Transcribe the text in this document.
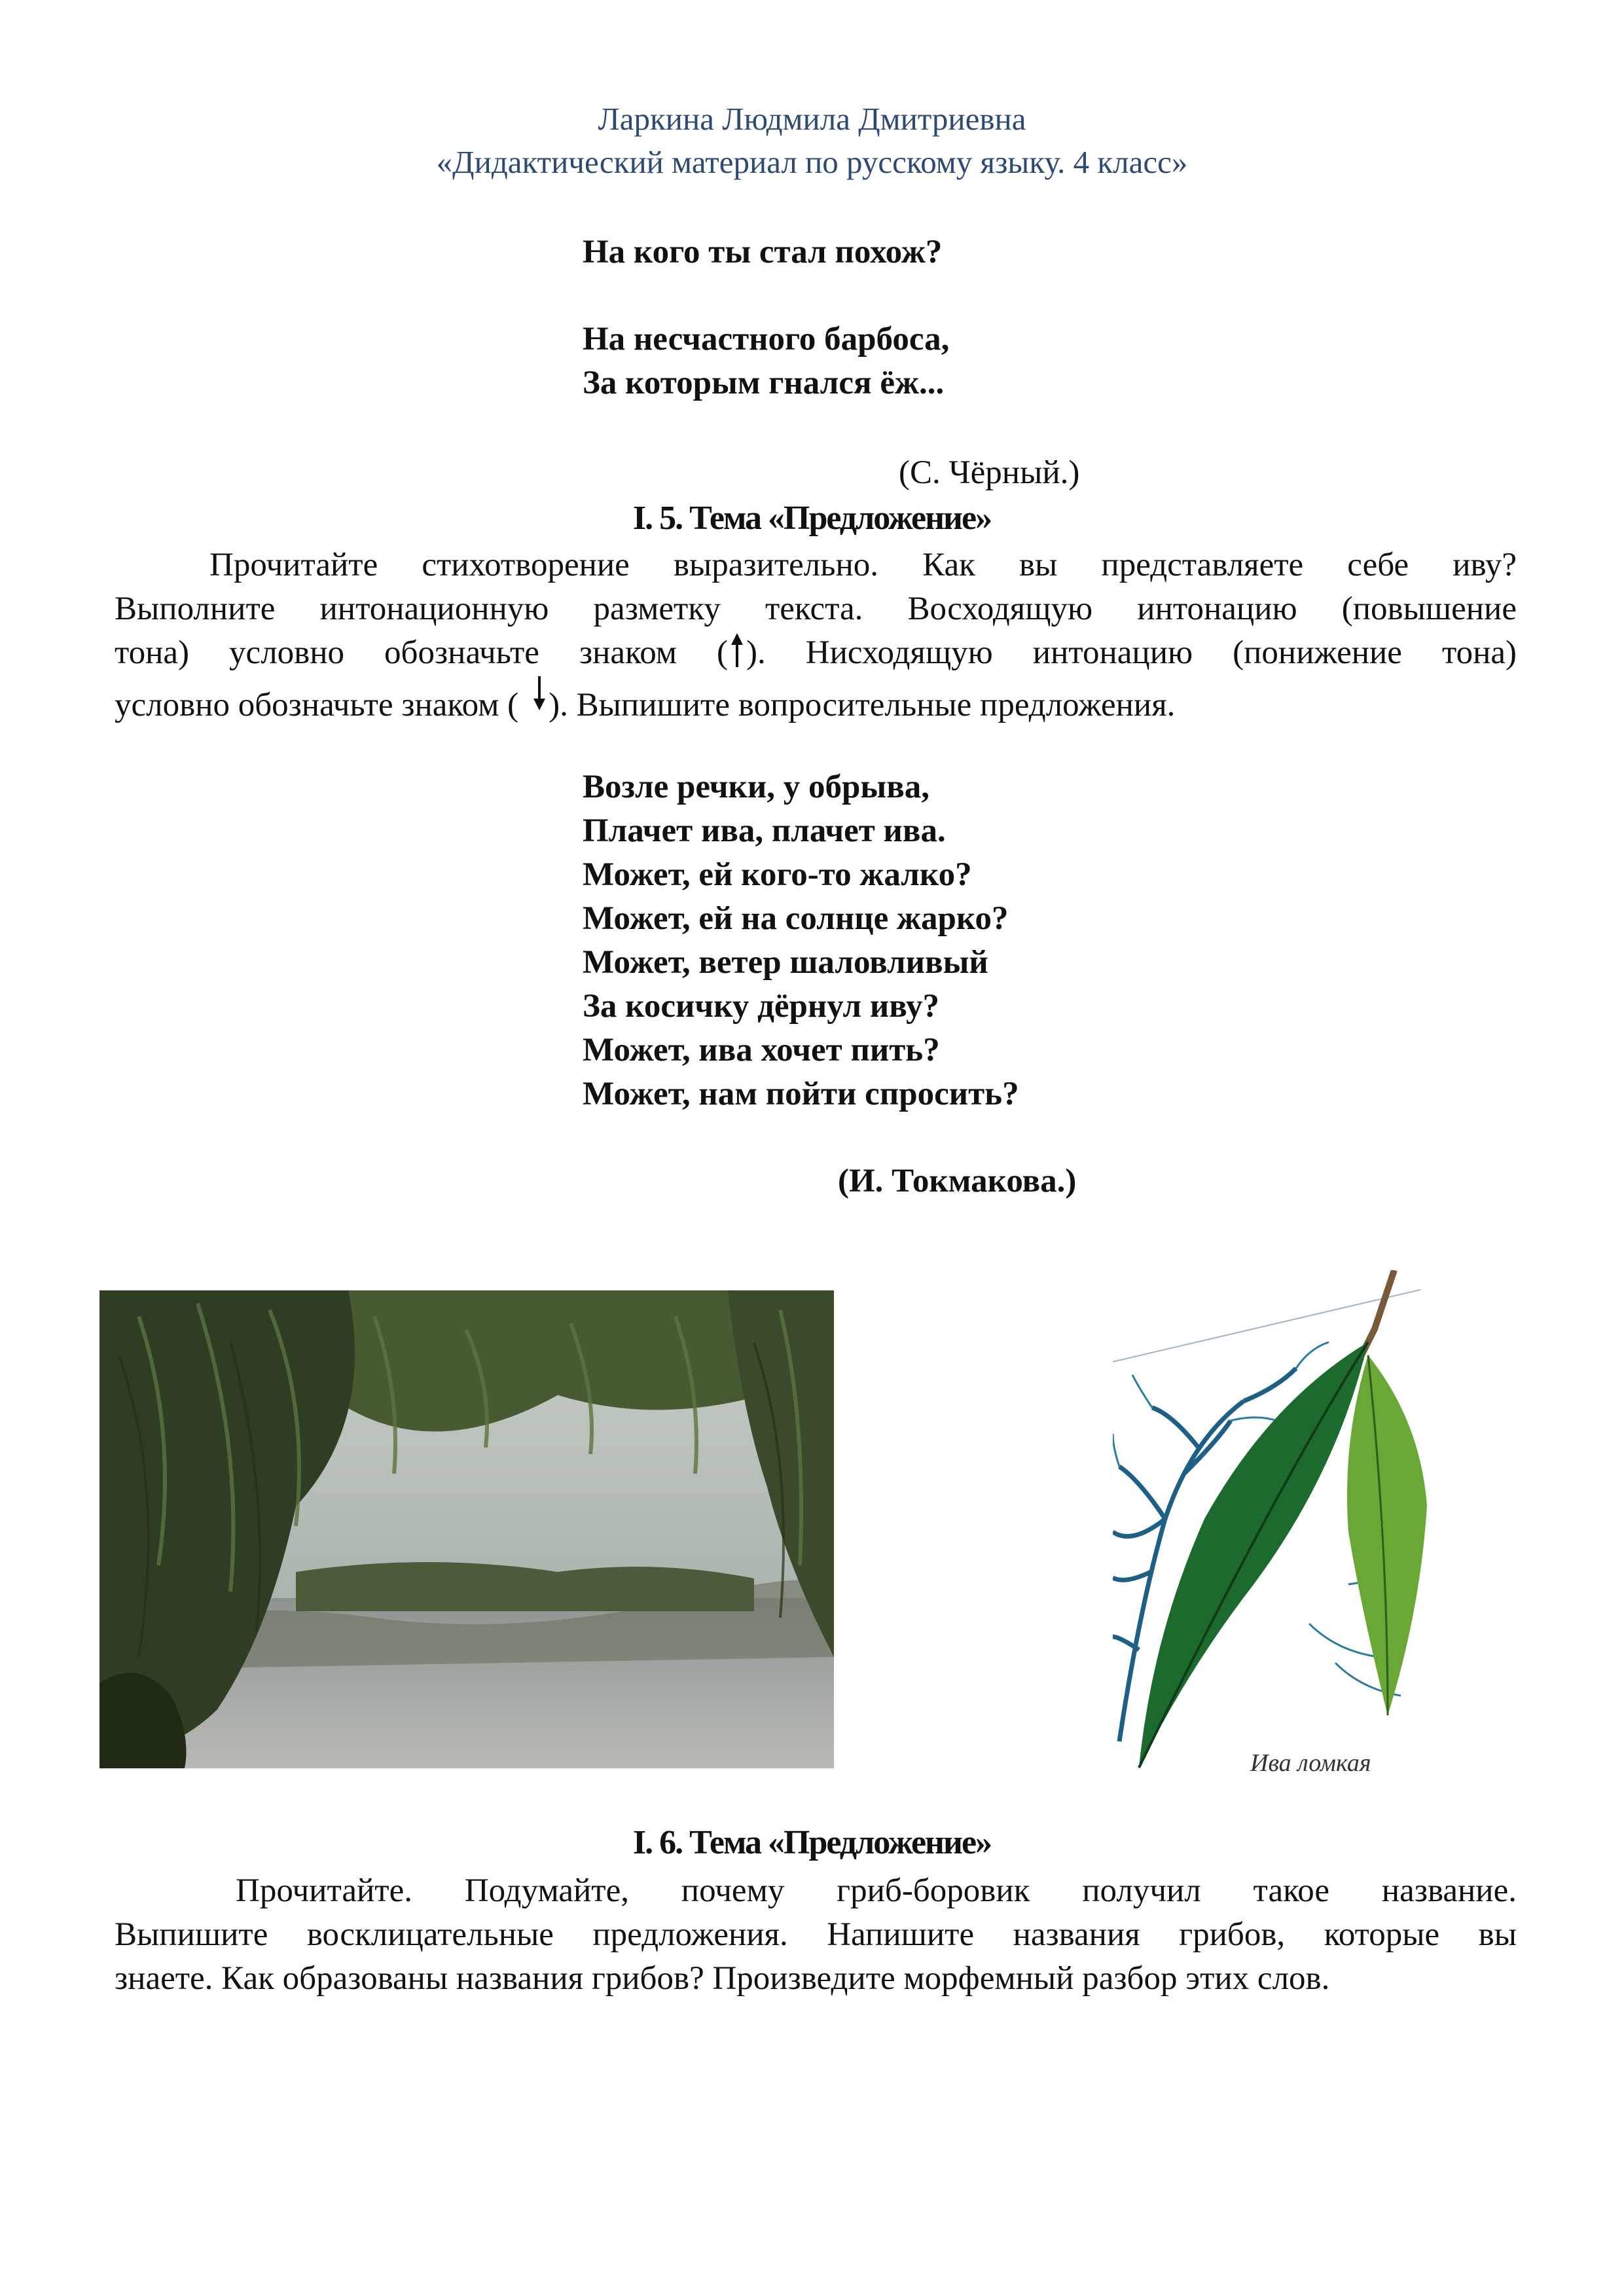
Ларкина Людмила Дмитриевна
«Дидактический материал по русскому языку. 4 класс»
На кого ты стал похож?
На несчастного барбоса,
За которым гнался ёж...
(С. Чёрный.)
I. 5. Тема «Предложение»
Прочитайте стихотворение выразительно. Как вы представляете себе иву?
Выполните интонационную разметку текста. Восходящую интонацию (повышение
тона) условно обозначьте знаком ( ). Нисходящую интонацию (понижение тона)
условно обозначьте знаком ( ). Выпишите вопросительные предложения.
Возле речки, у обрыва,
Плачет ива, плачет ива.
Может, ей кого-то жалко?
Может, ей на солнце жарко?
Может, ветер шаловливый
За косичку дёрнул иву?
Может, ива хочет пить?
Может, нам пойти спросить?
(И. Токмакова.)
Ива ломкая
I. 6. Тема «Предложение»
Прочитайте. Подумайте, почему гриб-боровик получил такое название.
Выпишите восклицательные предложения. Напишите названия грибов, которые вы
знаете. Как образованы названия грибов? Произведите морфемный разбор этих слов.
